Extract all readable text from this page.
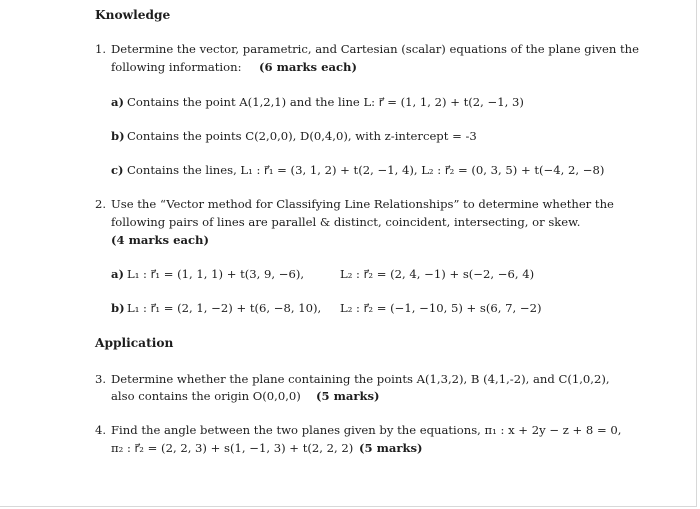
Knowledge
1. Determine the vector, parametric, and Cartesian (scalar) equations of the plane given the
following information: (6 marks each)
a) Contains the point A(1,2,1) and the line L: r⃗ = (1, 1, 2) + t(2, −1, 3)
b) Contains the points C(2,0,0), D(0,4,0), with z-intercept = -3
c) Contains the lines, L₁ : r⃗₁ = (3, 1, 2) + t(2, −1, 4), L₂ : r⃗₂ = (0, 3, 5) + t(−4, 2, −8)
2. Use the “Vector method for Classifying Line Relationships” to determine whether the
following pairs of lines are parallel & distinct, coincident, intersecting, or skew.
(4 marks each)
a) L₁ : r⃗₁ = (1, 1, 1) + t(3, 9, −6),	L₂ : r⃗₂ = (2, 4, −1) + s(−2, −6, 4)
b) L₁ : r⃗₁ = (2, 1, −2) + t(6, −8, 10), L₂ : r⃗₂ = (−1, −10, 5) + s(6, 7, −2)
Application
3. Determine whether the plane containing the points A(1,3,2), B (4,1,-2), and C(1,0,2),
also contains the origin O(0,0,0) (5 marks)
4. Find the angle between the two planes given by the equations, π₁ : x + 2y − z + 8 = 0,
π₂ : r⃗₂ = (2, 2, 3) + s(1, −1, 3) + t(2, 2, 2) (5 marks)
